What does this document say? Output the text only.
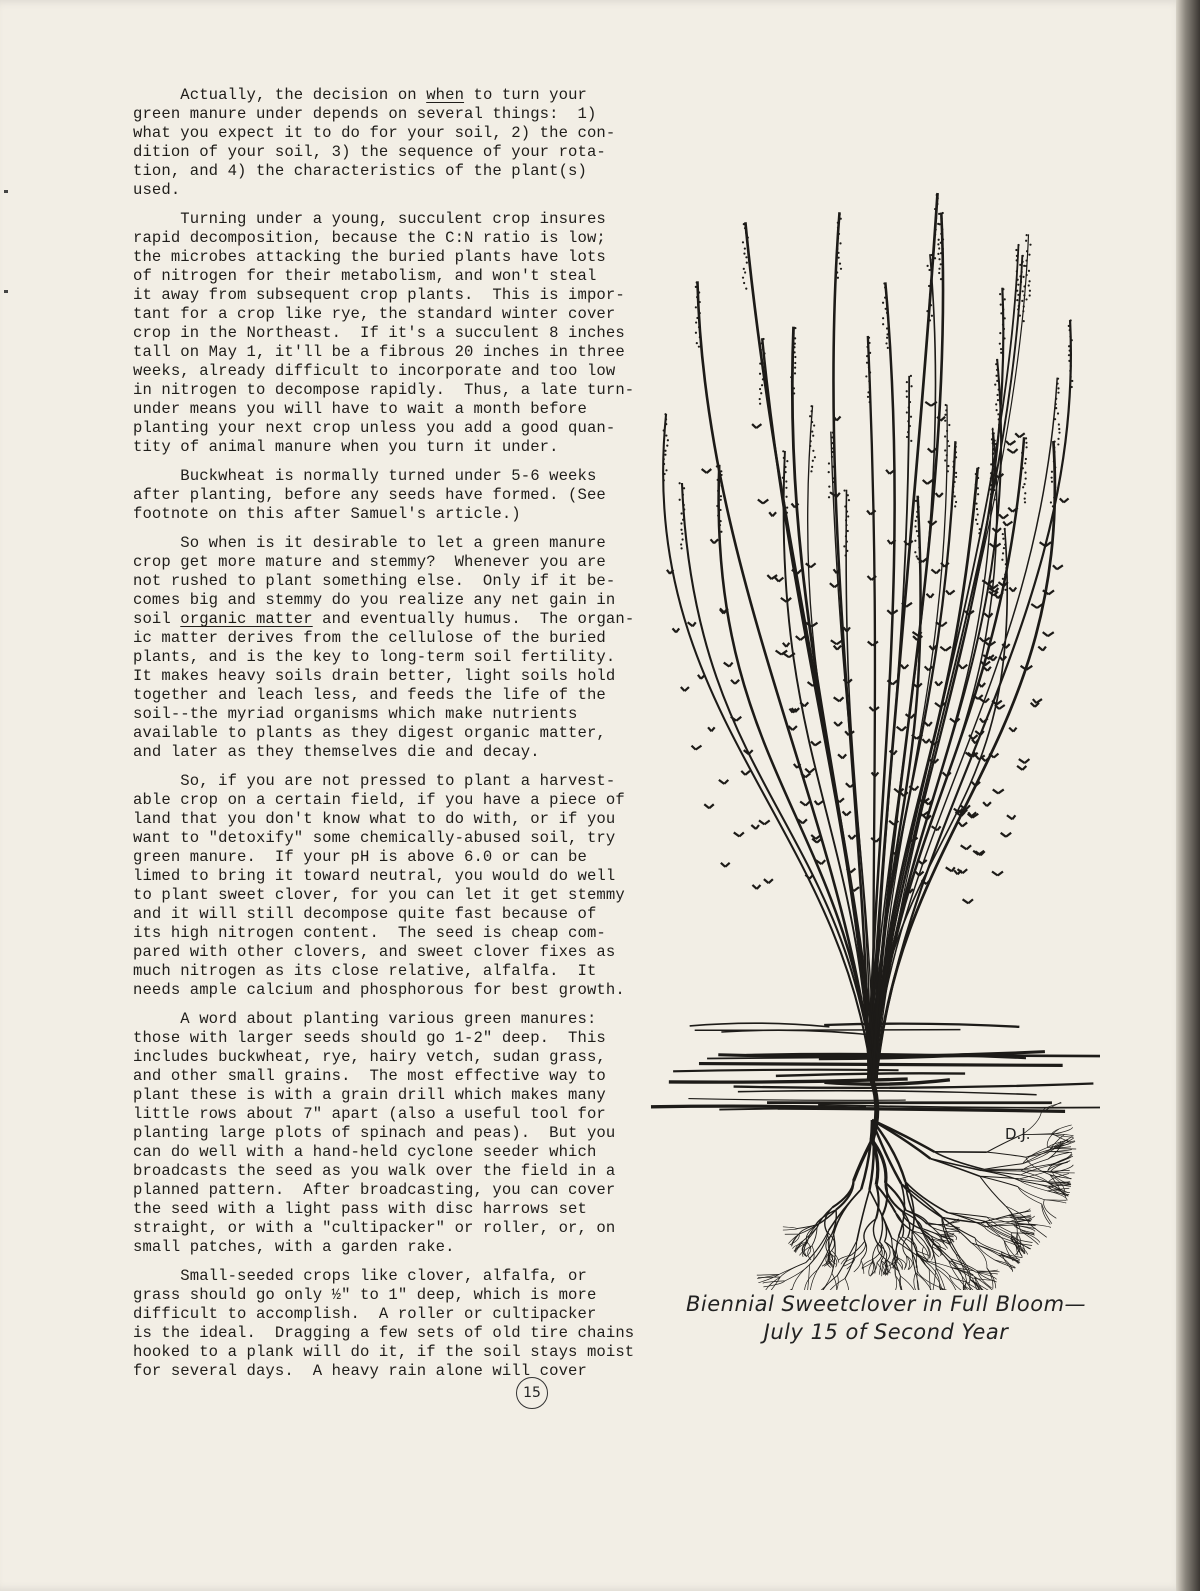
Actually, the decision on when to turn your
green manure under depends on several things:  1)
what you expect it to do for your soil, 2) the con-
dition of your soil, 3) the sequence of your rota-
tion, and 4) the characteristics of the plant(s)
used.
Turning under a young, succulent crop insures
rapid decomposition, because the C:N ratio is low;
the microbes attacking the buried plants have lots
of nitrogen for their metabolism, and won't steal
it away from subsequent crop plants.  This is impor-
tant for a crop like rye, the standard winter cover
crop in the Northeast.  If it's a succulent 8 inches
tall on May 1, it'll be a fibrous 20 inches in three
weeks, already difficult to incorporate and too low
in nitrogen to decompose rapidly.  Thus, a late turn-
under means you will have to wait a month before
planting your next crop unless you add a good quan-
tity of animal manure when you turn it under.
Buckwheat is normally turned under 5-6 weeks
after planting, before any seeds have formed. (See
footnote on this after Samuel's article.)
So when is it desirable to let a green manure
crop get more mature and stemmy?  Whenever you are
not rushed to plant something else.  Only if it be-
comes big and stemmy do you realize any net gain in
soil organic matter and eventually humus.  The organ-
ic matter derives from the cellulose of the buried
plants, and is the key to long-term soil fertility.
It makes heavy soils drain better, light soils hold
together and leach less, and feeds the life of the
soil--the myriad organisms which make nutrients
available to plants as they digest organic matter,
and later as they themselves die and decay.
So, if you are not pressed to plant a harvest-
able crop on a certain field, if you have a piece of
land that you don't know what to do with, or if you
want to "detoxify" some chemically-abused soil, try
green manure.  If your pH is above 6.0 or can be
limed to bring it toward neutral, you would do well
to plant sweet clover, for you can let it get stemmy
and it will still decompose quite fast because of
its high nitrogen content.  The seed is cheap com-
pared with other clovers, and sweet clover fixes as
much nitrogen as its close relative, alfalfa.  It
needs ample calcium and phosphorous for best growth.
A word about planting various green manures:
those with larger seeds should go 1-2" deep.  This
includes buckwheat, rye, hairy vetch, sudan grass,
and other small grains.  The most effective way to
plant these is with a grain drill which makes many
little rows about 7" apart (also a useful tool for
planting large plots of spinach and peas).  But you
can do well with a hand-held cyclone seeder which
broadcasts the seed as you walk over the field in a
planned pattern.  After broadcasting, you can cover
the seed with a light pass with disc harrows set
straight, or with a "cultipacker" or roller, or, on
small patches, with a garden rake.
Small-seeded crops like clover, alfalfa, or
grass should go only ½" to 1" deep, which is more
difficult to accomplish.  A roller or cultipacker
is the ideal.  Dragging a few sets of old tire chains
hooked to a plank will do it, if the soil stays moist
for several days.  A heavy rain alone will cover
D.J.
Biennial Sweetclover in Full Bloom—
July 15 of Second Year
15
